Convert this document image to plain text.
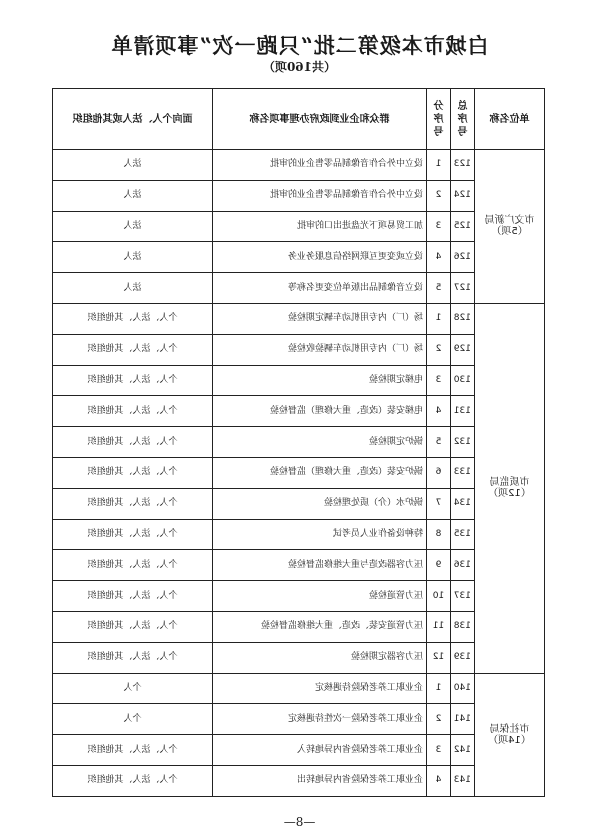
白城市本级第二批“只跑一次”事项清单
（共160项）
单位名称	总序号	分序号	群众和企业到政府办理事项名称	面向个人、法人或其他组织

市文广新局
（5项）	123	1	设立中外合作音像制品零售企业的审批	法人
	124	2	设立中外合作音像制品零售企业的审批	法人
	125	3	加工贸易项下光盘进出口的审批	法人
	126	4	设立或变更互联网络信息服务业务	法人
	127	5	设立音像制品出版单位变更名称等	法人

市质监局
（12项）	128	1	场（厂）内专用机动车辆定期检验	个人、法人、其他组织
	129	2	场（厂）内专用机动车辆验收检验	个人、法人、其他组织
	130	3	电梯定期检验	个人、法人、其他组织
	131	4	电梯安装（改造、重大修理）监督检验	个人、法人、其他组织
	132	5	锅炉定期检验	个人、法人、其他组织
	133	6	锅炉安装（改造、重大修理）监督检验	个人、法人、其他组织
	134	7	锅炉水（介）质处理检验	个人、法人、其他组织
	135	8	特种设备作业人员考试	个人、法人、其他组织
	136	9	压力容器改造与重大维修监督检验	个人、法人、其他组织
	137	10	压力管道检验	个人、法人、其他组织
	138	11	压力管道安装、改造、重大维修监督检验	个人、法人、其他组织
	139	12	压力容器定期检验	个人、法人、其他组织

市社保局
（14项）	140	1	企业职工养老保险待遇核定	个人
	141	2	企业职工养老保险一次性待遇核定	个人
	142	3	企业职工养老保险省内异地转入	个人、法人、其他组织
	143	4	企业职工养老保险省内异地转出	个人、法人、其他组织
—8—
